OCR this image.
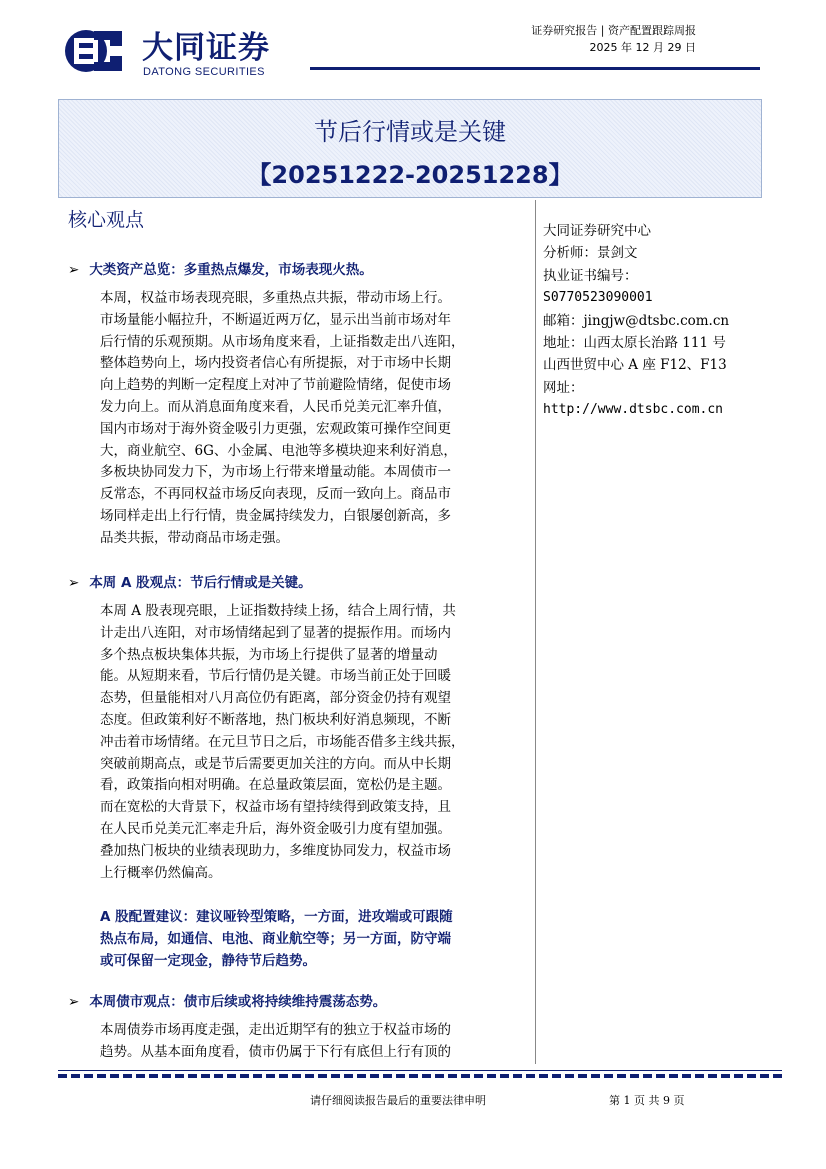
大同证券
DATONG SECURITIES
证券研究报告 | 资产配置跟踪周报
2025 年 12 月 29 日
节后行情或是关键
【20251222-20251228】
核心观点
➢ 大类资产总览：多重热点爆发，市场表现火热。
本周，权益市场表现亮眼，多重热点共振，带动市场上行。
市场量能小幅拉升，不断逼近两万亿，显示出当前市场对年
后行情的乐观预期。从市场角度来看，上证指数走出八连阳，
整体趋势向上，场内投资者信心有所提振，对于市场中长期
向上趋势的判断一定程度上对冲了节前避险情绪，促使市场
发力向上。而从消息面角度来看，人民币兑美元汇率升值，
国内市场对于海外资金吸引力更强，宏观政策可操作空间更
大，商业航空、6G、小金属、电池等多模块迎来利好消息，
多板块协同发力下，为市场上行带来增量动能。本周债市一
反常态，不再同权益市场反向表现，反而一致向上。商品市
场同样走出上行行情，贵金属持续发力，白银屡创新高，多
品类共振，带动商品市场走强。
➢ 本周 A 股观点：节后行情或是关键。
本周 A 股表现亮眼，上证指数持续上扬，结合上周行情，共
计走出八连阳，对市场情绪起到了显著的提振作用。而场内
多个热点板块集体共振，为市场上行提供了显著的增量动
能。从短期来看，节后行情仍是关键。市场当前正处于回暖
态势，但量能相对八月高位仍有距离，部分资金仍持有观望
态度。但政策利好不断落地，热门板块利好消息频现，不断
冲击着市场情绪。在元旦节日之后，市场能否借多主线共振，
突破前期高点，或是节后需要更加关注的方向。而从中长期
看，政策指向相对明确。在总量政策层面，宽松仍是主题。
而在宽松的大背景下，权益市场有望持续得到政策支持，且
在人民币兑美元汇率走升后，海外资金吸引力度有望加强。
叠加热门板块的业绩表现助力，多维度协同发力，权益市场
上行概率仍然偏高。
A 股配置建议：建议哑铃型策略，一方面，进攻端或可跟随
热点布局，如通信、电池、商业航空等；另一方面，防守端
或可保留一定现金，静待节后趋势。
➢ 本周债市观点：债市后续或将持续维持震荡态势。
本周债券市场再度走强，走出近期罕有的独立于权益市场的
趋势。从基本面角度看，债市仍属于下行有底但上行有顶的
大同证券研究中心
分析师：景剑文
执业证书编号：
S0770523090001
邮箱：jingjw@dtsbc.com.cn
地址：山西太原长治路 111 号
山西世贸中心 A 座 F12、F13
网址：
http://www.dtsbc.com.cn
请仔细阅读报告最后的重要法律申明	第 1 页 共 9 页
